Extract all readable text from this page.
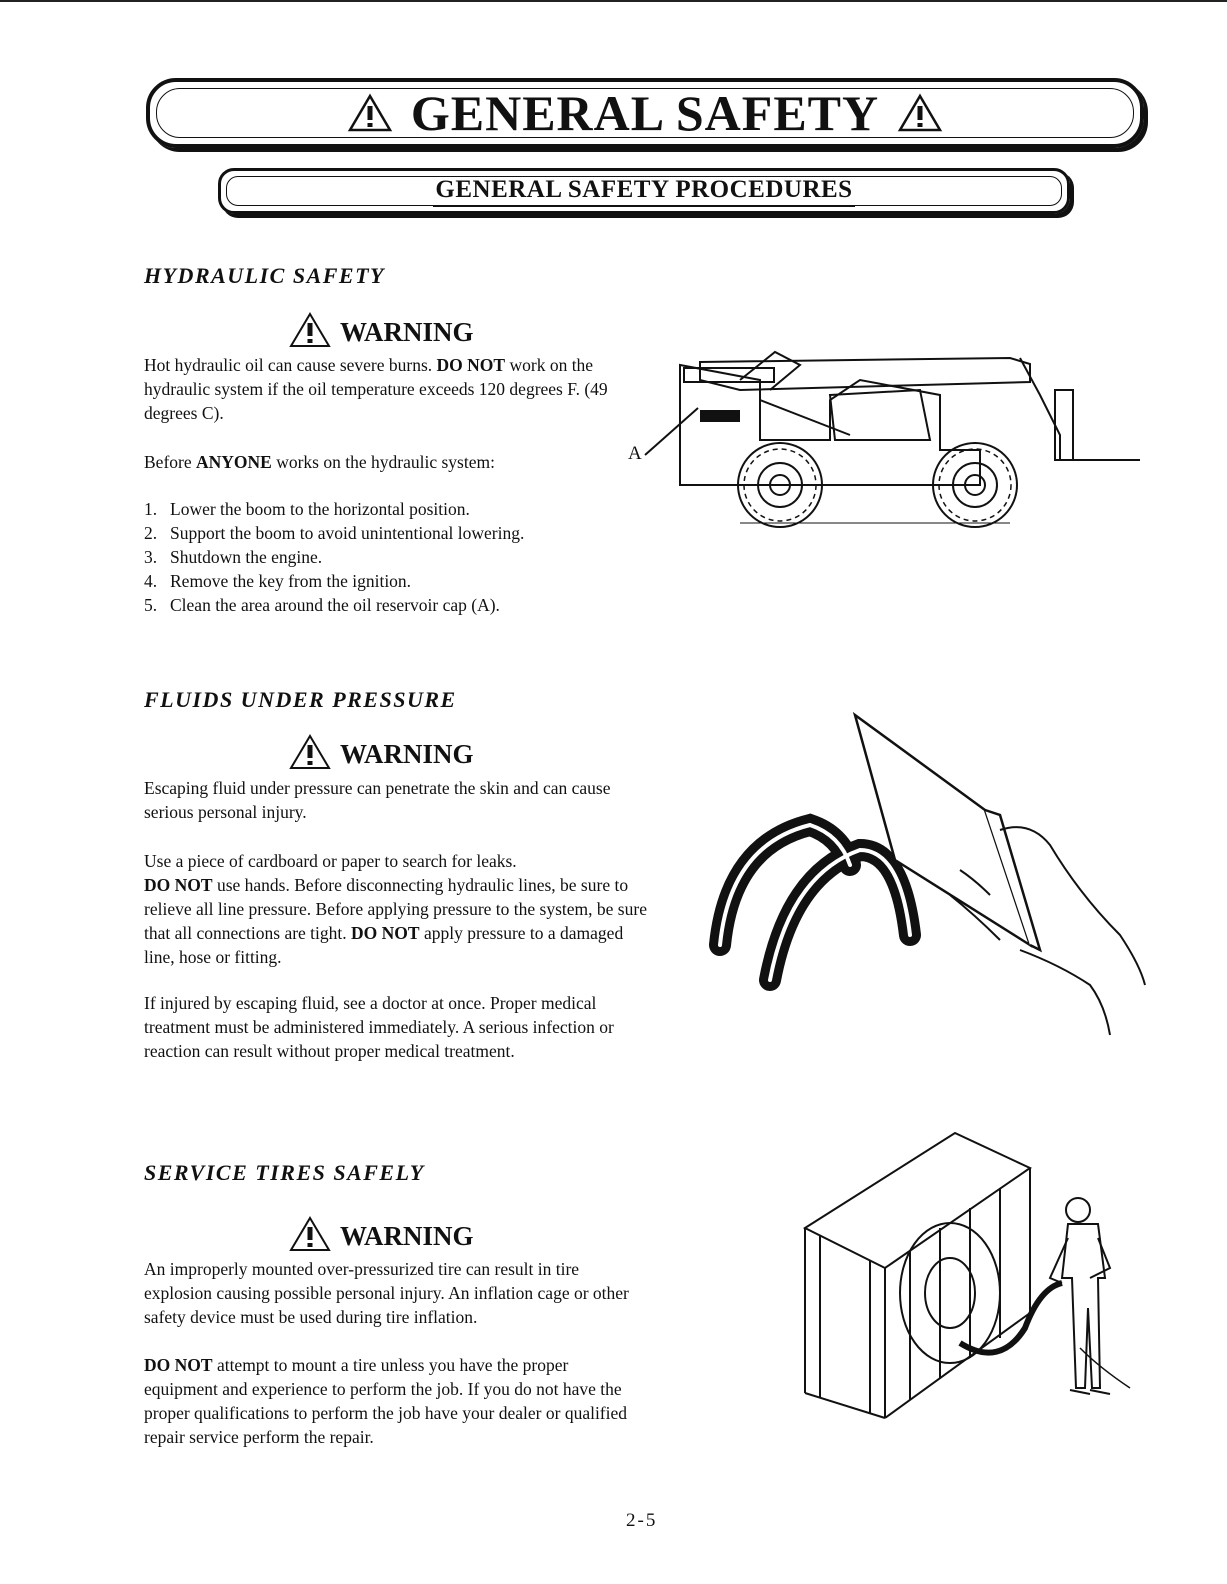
GENERAL SAFETY
GENERAL SAFETY PROCEDURES
HYDRAULIC SAFETY
WARNING
Hot hydraulic oil can cause severe burns. DO NOT work on the hydraulic system if the oil temperature exceeds 120 degrees F. (49 degrees C).
Before ANYONE works on the hydraulic system:
1. Lower the boom to the horizontal position.
2. Support the boom to avoid unintentional lowering.
3. Shutdown the engine.
4. Remove the key from the ignition.
5. Clean the area around the oil reservoir cap (A).
A
FLUIDS UNDER PRESSURE
WARNING
Escaping fluid under pressure can penetrate the skin and can cause serious personal injury.
Use a piece of cardboard or paper to search for leaks.
DO NOT use hands. Before disconnecting hydraulic lines, be sure to relieve all line pressure. Before applying pressure to the system, be sure that all connections are tight. DO NOT apply pressure to a damaged line, hose or fitting.
If injured by escaping fluid, see a doctor at once. Proper medical treatment must be administered immediately. A serious infection or reaction can result without proper medical treatment.
SERVICE TIRES SAFELY
WARNING
An improperly mounted over-pressurized tire can result in tire explosion causing possible personal injury. An inflation cage or other safety device must be used during tire inflation.
DO NOT attempt to mount a tire unless you have the proper equipment and experience to perform the job. If you do not have the proper qualifications to perform the job have your dealer or qualified repair service perform the repair.
2-5
